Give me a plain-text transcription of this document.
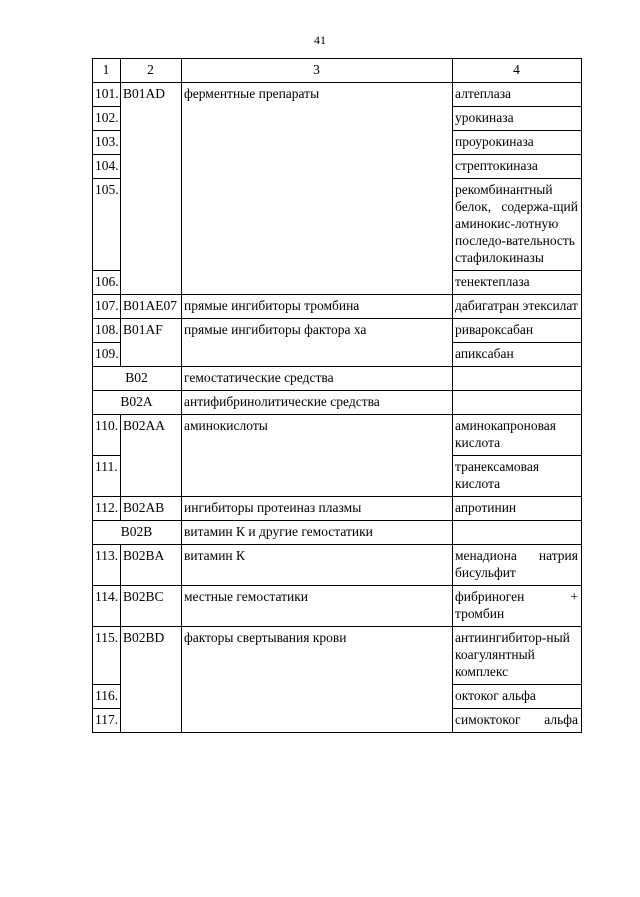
41
1	2	3	4
101.	B01AD	ферментные препараты	алтеплаза
102.			урокиназа
103.			проурокиназа
104.			стрептокиназа
105.			рекомбинантный белок, содержа-щий аминокис-лотную последо-вательность стафилокиназы
106.			тенектеплаза
107.	B01AE07	прямые ингибиторы тромбина	дабигатран этексилат
108.	B01AF	прямые ингибиторы фактора ха	ривароксабан
109.			апиксабан
B02		гемостатические средства	
B02A		антифибринолитические средства	
110.	B02AA	аминокислоты	аминокапроновая кислота
111.			транексамовая кислота
112.	B02AB	ингибиторы протеиназ плазмы	апротинин
B02B		витамин К и другие гемостатики	
113.	B02BA	витамин К	менадиона натрия бисульфит
114.	B02BC	местные гемостатики	фибриноген + тромбин
115.	B02BD	факторы свертывания крови	антиингибитор-ный коагулянтный комплекс
116.			октоког альфа
117.			симоктоког альфа
